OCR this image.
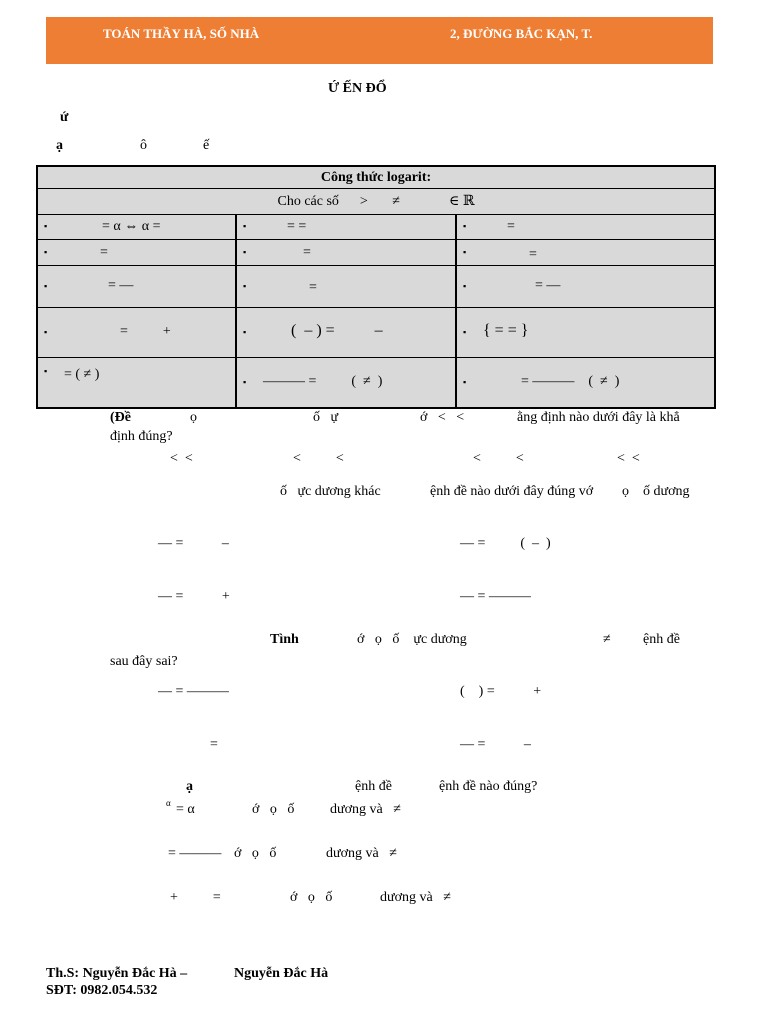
TOÁN THẦY HÀ, SỐ NHÀ	2, ĐƯỜNG BẮC KẠN, T.
Ứ ẾN ĐỔ
ứ
ạ	ô	ế
Công thức logarit:
Cho các số      >       ≠              ∈ ℝ
▪	= α ⇔ α =	▪	= =	▪	=
▪	=	▪	=	▪	=
▪	= —	▪	=	▪	= —
▪	=          +	▪	(  – ) =          –	▪ { = = }
▪ = ( ≠ )	▪ ——— =          (  ≠  )	▪	= ———    (  ≠  )
(Đề	ọ	ố   ự	ớ   <   <	ằng định nào dưới đây là khẳ
định đúng?
<  <	<          <	<          <	<  <
ố   ực dương khác	ệnh đề nào dưới đây đúng vớ ọ    ố dương
— =           –	— =          (  –  )
— =           +	— = ———
Tình	ớ   ọ   ố    ực dương	≠ ệnh đề
sau đây sai?
— = ———	(    ) =           +
=	— =           –
ạ	ệnh đề	ệnh đề nào đúng?
α = α	ớ   ọ   ố	dương và   ≠
= ——— ớ   ọ   ố	dương và   ≠
+          =	ớ   ọ   ố	dương và   ≠
Th.S: Nguyễn Đắc Hà –	Nguyễn Đắc Hà
SĐT: 0982.054.532
